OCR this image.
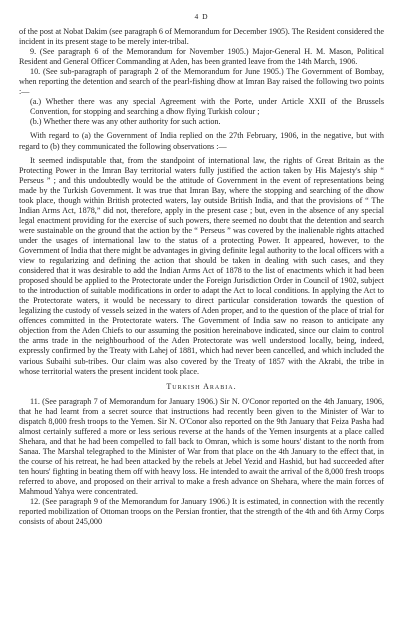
4 D

of the post at Nobat Dakim (see paragraph 6 of Memorandum for December 1905). The Resident considered the incident in its present stage to be merely inter-tribal.

9. (See paragraph 6 of the Memorandum for November 1905.) Major-General H. M. Mason, Political Resident and General Officer Commanding at Aden, has been granted leave from the 14th March, 1906.

10. (See sub-paragraph of paragraph 2 of the Memorandum for June 1905.) The Government of Bombay, when reporting the detention and search of the pearl-fishing dhow at Imran Bay raised the following two points :—

(a.) Whether there was any special Agreement with the Porte, under Article XXII of the Brussels Convention, for stopping and searching a dhow flying Turkish colour ;

(b.) Whether there was any other authority for such action.

With regard to (a) the Government of India replied on the 27th February, 1906, in the negative, but with regard to (b) they communicated the following observations :—

It seemed indisputable that, from the standpoint of international law, the rights of Great Britain as the Protecting Power in the Imran Bay territorial waters fully justified the action taken by His Majesty's ship “ Perseus ” ; and this undoubtedly would be the attitude of Government in the event of representations being made by the Turkish Government. It was true that Imran Bay, where the stopping and searching of the dhow took place, though within British protected waters, lay outside British India, and that the provisions of “ The Indian Arms Act, 1878,” did not, therefore, apply in the present case ; but, even in the absence of any special legal enactment providing for the exercise of such powers, there seemed no doubt that the detention and search were sustainable on the ground that the action by the “ Perseus ” was covered by the inalienable rights attached under the usages of international law to the status of a protecting Power. It appeared, however, to the Government of India that there might be advantages in giving definite legal authority to the local officers with a view to regularizing and defining the action that should be taken in dealing with such cases, and they considered that it was desirable to add the Indian Arms Act of 1878 to the list of enactments which it had been proposed should be applied to the Protectorate under the Foreign Jurisdiction Order in Council of 1902, subject to the introduction of suitable modifications in order to adapt the Act to local conditions. In applying the Act to the Protectorate waters, it would be necessary to direct particular consideration towards the question of legalizing the custody of vessels seized in the waters of Aden proper, and to the question of the place of trial for offences committed in the Protectorate waters. The Government of India saw no reason to anticipate any objection from the Aden Chiefs to our assuming the position hereinabove indicated, since our claim to control the arms trade in the neighbourhood of the Aden Protectorate was well understood locally, being, indeed, expressly confirmed by the Treaty with Lahej of 1881, which had never been cancelled, and which included the various Subaihi sub-tribes. Our claim was also covered by the Treaty of 1857 with the Akrabi, the tribe in whose territorial waters the present incident took place.

Turkish Arabia.

11. (See paragraph 7 of Memorandum for January 1906.) Sir N. O'Conor reported on the 4th January, 1906, that he had learnt from a secret source that instructions had recently been given to the Minister of War to dispatch 8,000 fresh troops to the Yemen. Sir N. O'Conor also reported on the 9th January that Feiza Pasha had almost certainly suffered a more or less serious reverse at the hands of the Yemen insurgents at a place called Shehara, and that he had been compelled to fall back to Omran, which is some hours' distant to the north from Sanaa. The Marshal telegraphed to the Minister of War from that place on the 4th January to the effect that, in the course of his retreat, he had been attacked by the rebels at Jebel Yezid and Hashid, but had succeeded after ten hours' fighting in beating them off with heavy loss. He intended to await the arrival of the 8,000 fresh troops referred to above, and proposed on their arrival to make a fresh advance on Shehara, where the main forces of Mahmoud Yahya were concentrated.

12. (See paragraph 9 of the Memorandum for January 1906.) It is estimated, in connection with the recently reported mobilization of Ottoman troops on the Persian frontier, that the strength of the 4th and 6th Army Corps consists of about 245,000
